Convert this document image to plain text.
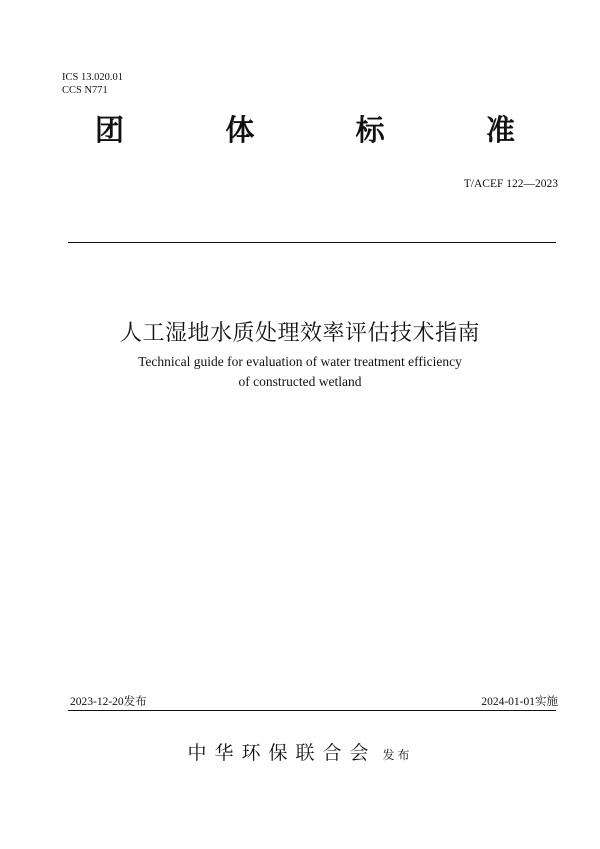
ICS 13.020.01
CCS N771
团	体	标	准
T/ACEF 122—2023
人工湿地水质处理效率评估技术指南
Technical guide for evaluation of water treatment efficiency
of constructed wetland
2023-12-20发布	2024-01-01实施
中华环保联合会 发布
